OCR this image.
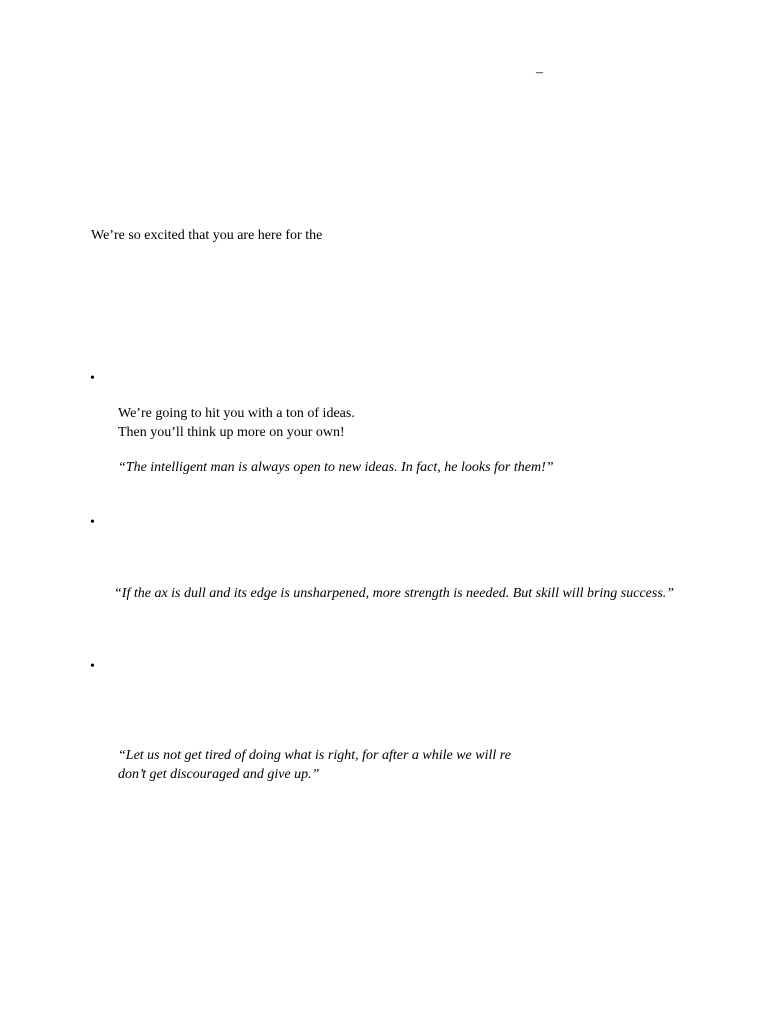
–
We’re so excited that you are here for the
•
We’re going to hit you with a ton of ideas.
Then you’ll think up more on your own!
“The intelligent man is always open to new ideas. In fact, he looks for them!”
•
“If the ax is dull and its edge is unsharpened, more strength is needed. But skill will bring success.”
•
“Let us not get tired of doing what is right, for after a while we will re
don’t get discouraged and give up.”
